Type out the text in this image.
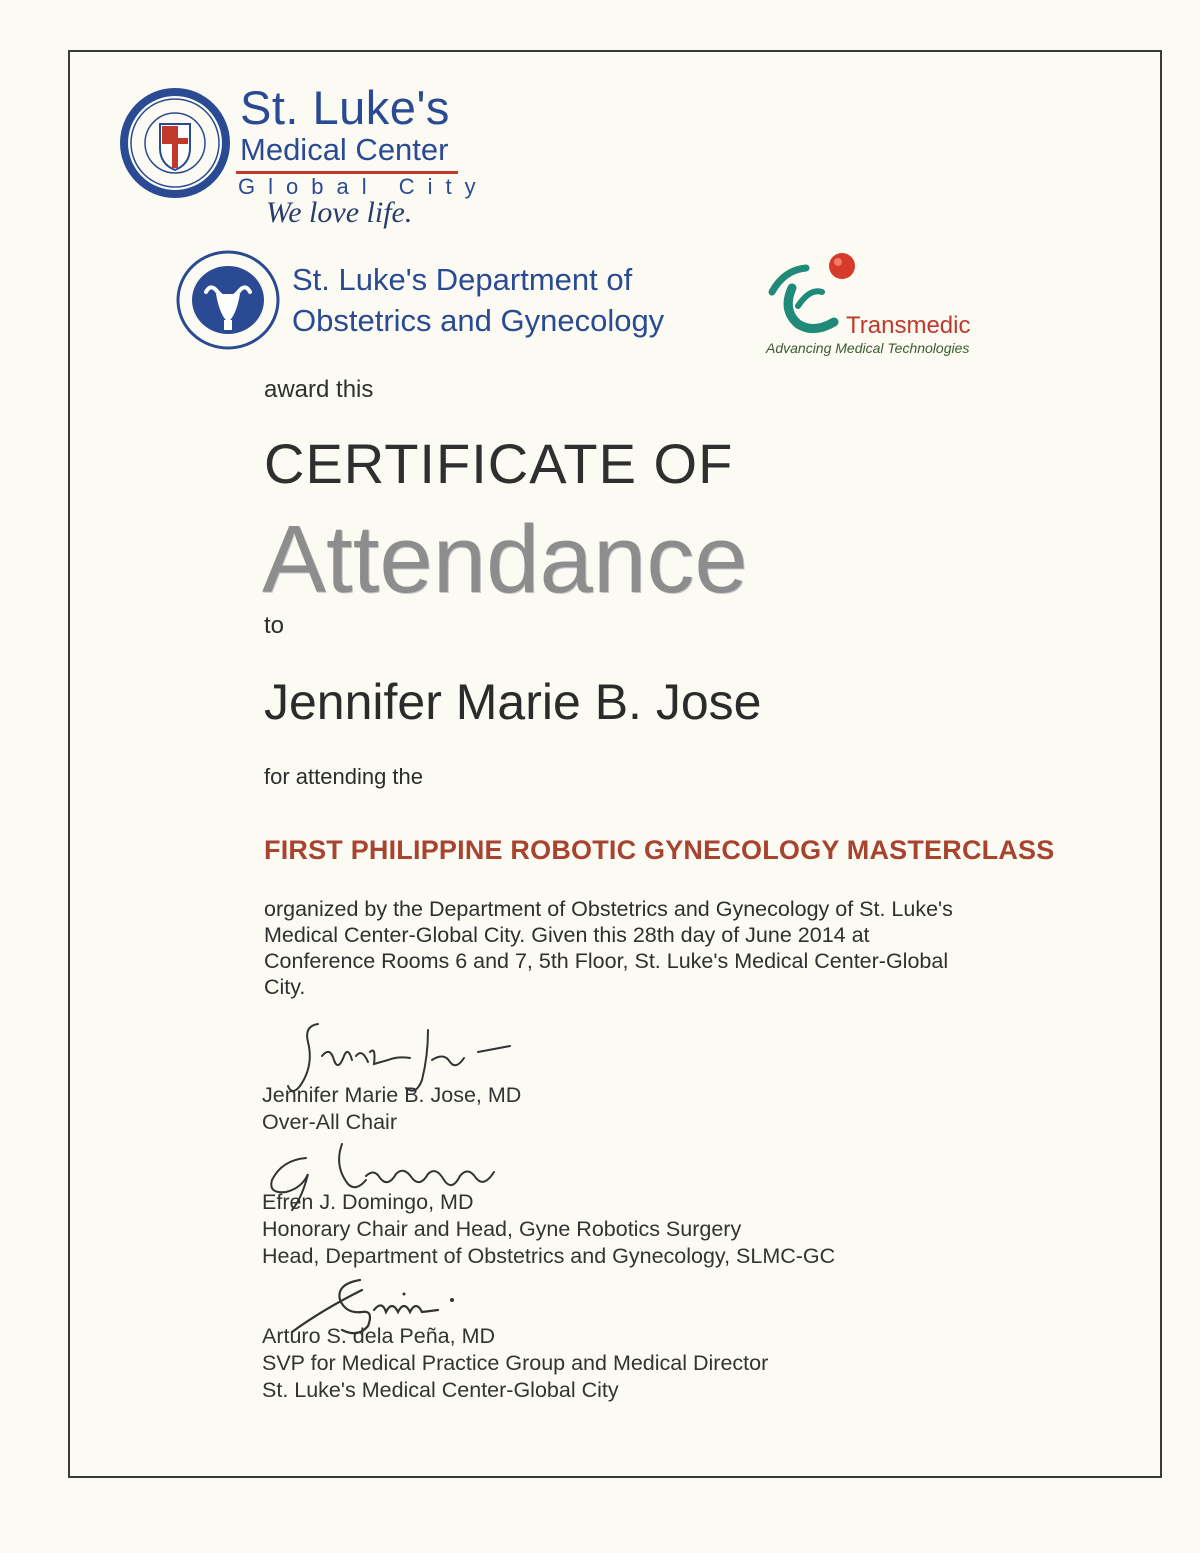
St. Luke's
Medical Center
Global City
We love life.
St. Luke's Department of
Obstetrics and Gynecology	Transmedic
Advancing Medical Technologies
award this
CERTIFICATE OF
Attendance
to
Jennifer Marie B. Jose
for attending the
FIRST PHILIPPINE ROBOTIC GYNECOLOGY MASTERCLASS
organized by the Department of Obstetrics and Gynecology of St. Luke's
Medical Center-Global City. Given this 28th day of June 2014 at
Conference Rooms 6 and 7, 5th Floor, St. Luke's Medical Center-Global
City.
Jennifer Marie B. Jose, MD
Over-All Chair
Efren J. Domingo, MD
Honorary Chair and Head, Gyne Robotics Surgery
Head, Department of Obstetrics and Gynecology, SLMC-GC
Arturo S. dela Peña, MD
SVP for Medical Practice Group and Medical Director
St. Luke's Medical Center-Global City
